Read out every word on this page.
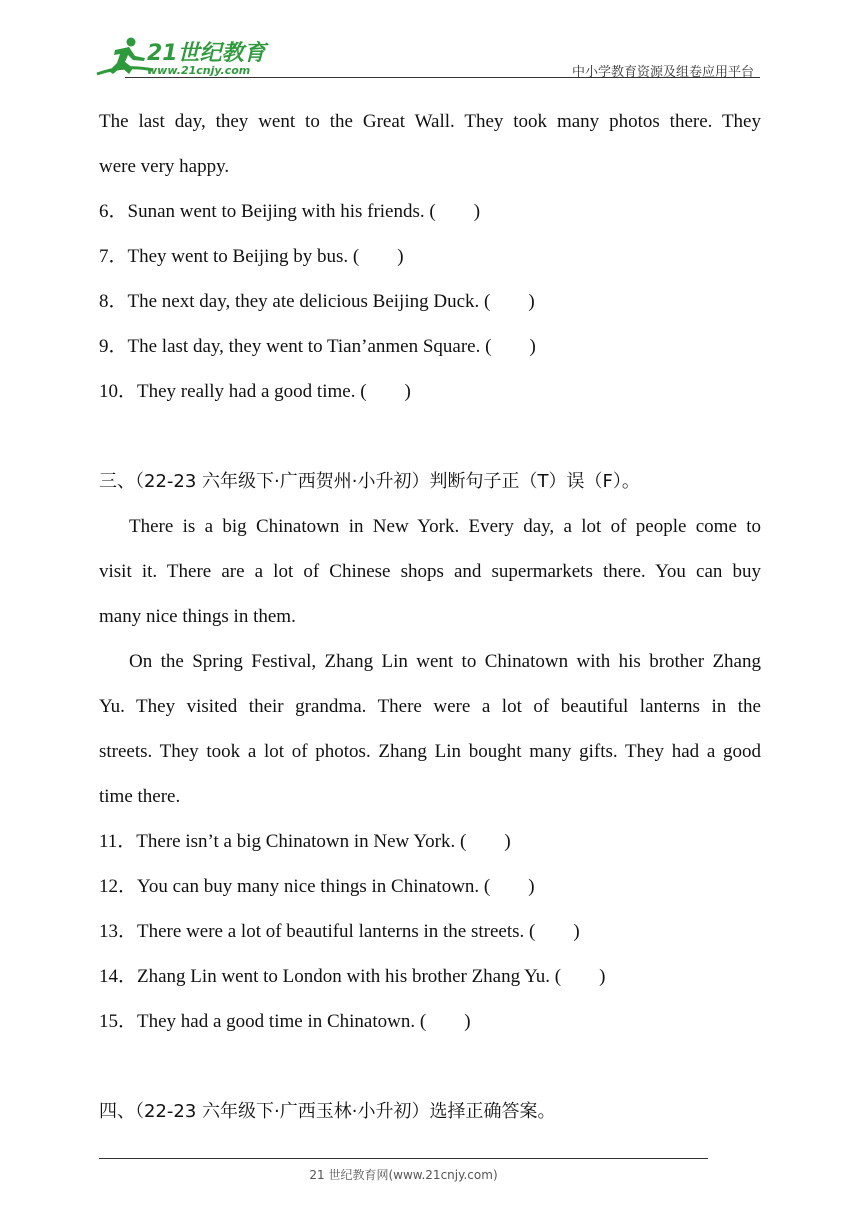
21世纪教育
www.21cnjy.com	中小学教育资源及组卷应用平台
The last day, they went to the Great Wall. They took many photos there. They
were very happy.
6．Sunan went to Beijing with his friends. ( )
7．They went to Beijing by bus. ( )
8．The next day, they ate delicious Beijing Duck. ( )
9．The last day, they went to Tian’anmen Square. ( )
10．They really had a good time. ( )
三、（22-23 六年级下·广西贺州·小升初）判断句子正（T）误（F）。
There is a big Chinatown in New York. Every day, a lot of people come to
visit it. There are a lot of Chinese shops and supermarkets there. You can buy
many nice things in them.
On the Spring Festival, Zhang Lin went to Chinatown with his brother Zhang
Yu. They visited their grandma. There were a lot of beautiful lanterns in the
streets. They took a lot of photos. Zhang Lin bought many gifts. They had a good
time there.
11．There isn’t a big Chinatown in New York. ( )
12．You can buy many nice things in Chinatown. ( )
13．There were a lot of beautiful lanterns in the streets. ( )
14．Zhang Lin went to London with his brother Zhang Yu. ( )
15．They had a good time in Chinatown. ( )
四、（22-23 六年级下·广西玉林·小升初）选择正确答案。
21 世纪教育网(www.21cnjy.com)
